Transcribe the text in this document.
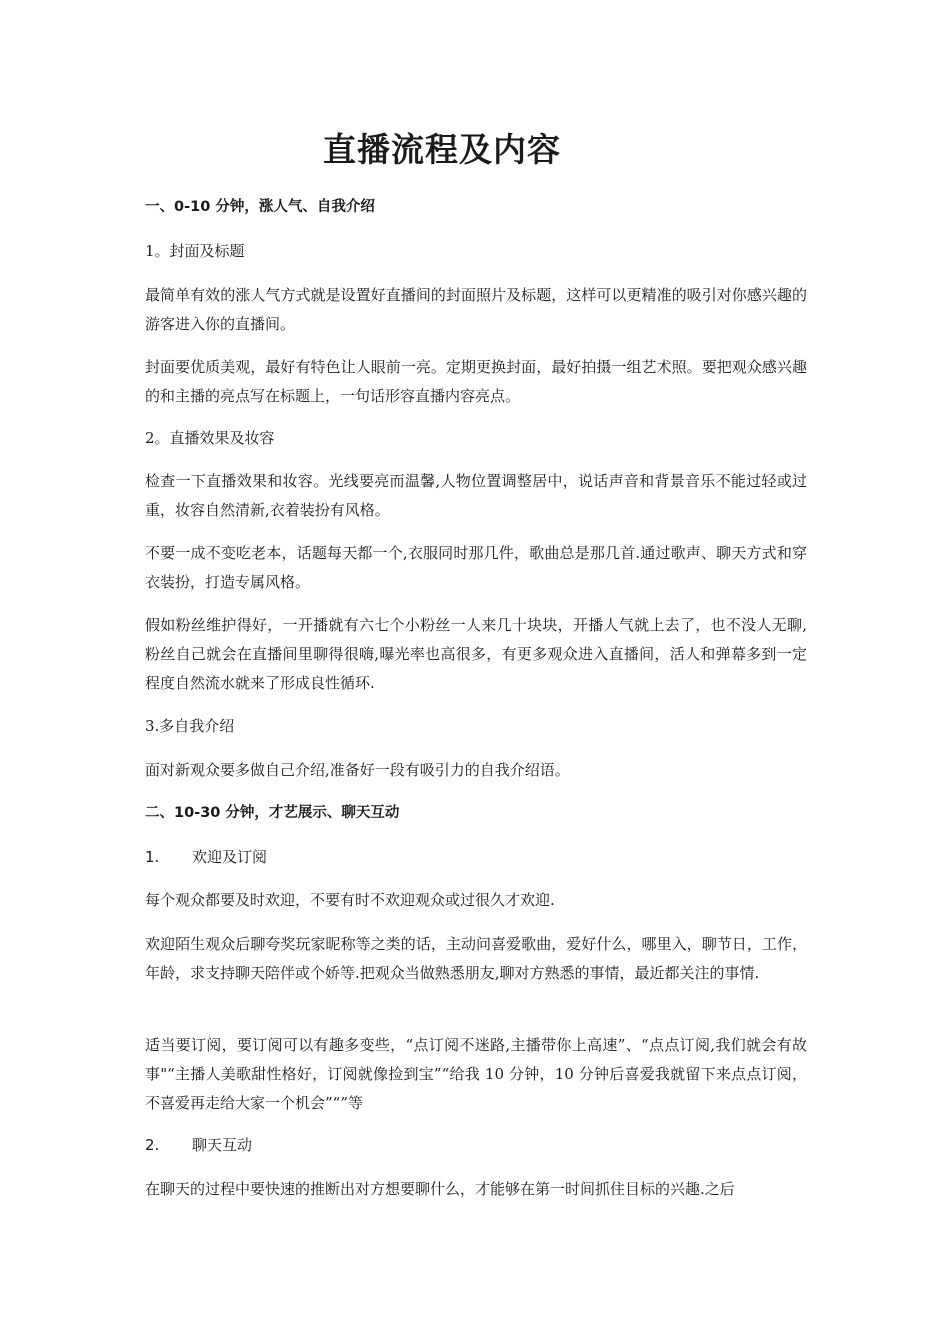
直播流程及内容
一、0-10 分钟，涨人气、自我介绍
1。封面及标题
最简单有效的涨人气方式就是设置好直播间的封面照片及标题，这样可以更精准的吸引对你感兴趣的游客进入你的直播间。
封面要优质美观，最好有特色让人眼前一亮。定期更换封面，最好拍摄一组艺术照。要把观众感兴趣的和主播的亮点写在标题上，一句话形容直播内容亮点。
2。直播效果及妆容
检查一下直播效果和妆容。光线要亮而温馨,人物位置调整居中，说话声音和背景音乐不能过轻或过重，妆容自然清新,衣着装扮有风格。
不要一成不变吃老本，话题每天都一个,衣服同时那几件，歌曲总是那几首.通过歌声、聊天方式和穿衣装扮，打造专属风格。
假如粉丝维护得好，一开播就有六七个小粉丝一人来几十块块，开播人气就上去了，也不没人无聊,粉丝自己就会在直播间里聊得很嗨,曝光率也高很多，有更多观众进入直播间，活人和弹幕多到一定程度自然流水就来了形成良性循环.
3.多自我介绍
面对新观众要多做自己介绍,准备好一段有吸引力的自我介绍语。
二、10-30 分钟，才艺展示、聊天互动
1.	欢迎及订阅
每个观众都要及时欢迎，不要有时不欢迎观众或过很久才欢迎.
欢迎陌生观众后聊夸奖玩家昵称等之类的话，主动问喜爱歌曲，爱好什么，哪里入，聊节日，工作，年龄，求支持聊天陪伴或个娇等.把观众当做熟悉朋友,聊对方熟悉的事情，最近都关注的事情.
适当要订阅，要订阅可以有趣多变些，“点订阅不迷路,主播带你上高速”、“点点订阅,我们就会有故事"“主播人美歌甜性格好，订阅就像捡到宝”“给我 10 分钟，10 分钟后喜爱我就留下来点点订阅，不喜爱再走给大家一个机会”“”等
2.	聊天互动
在聊天的过程中要快速的推断出对方想要聊什么，才能够在第一时间抓住目标的兴趣.之后
